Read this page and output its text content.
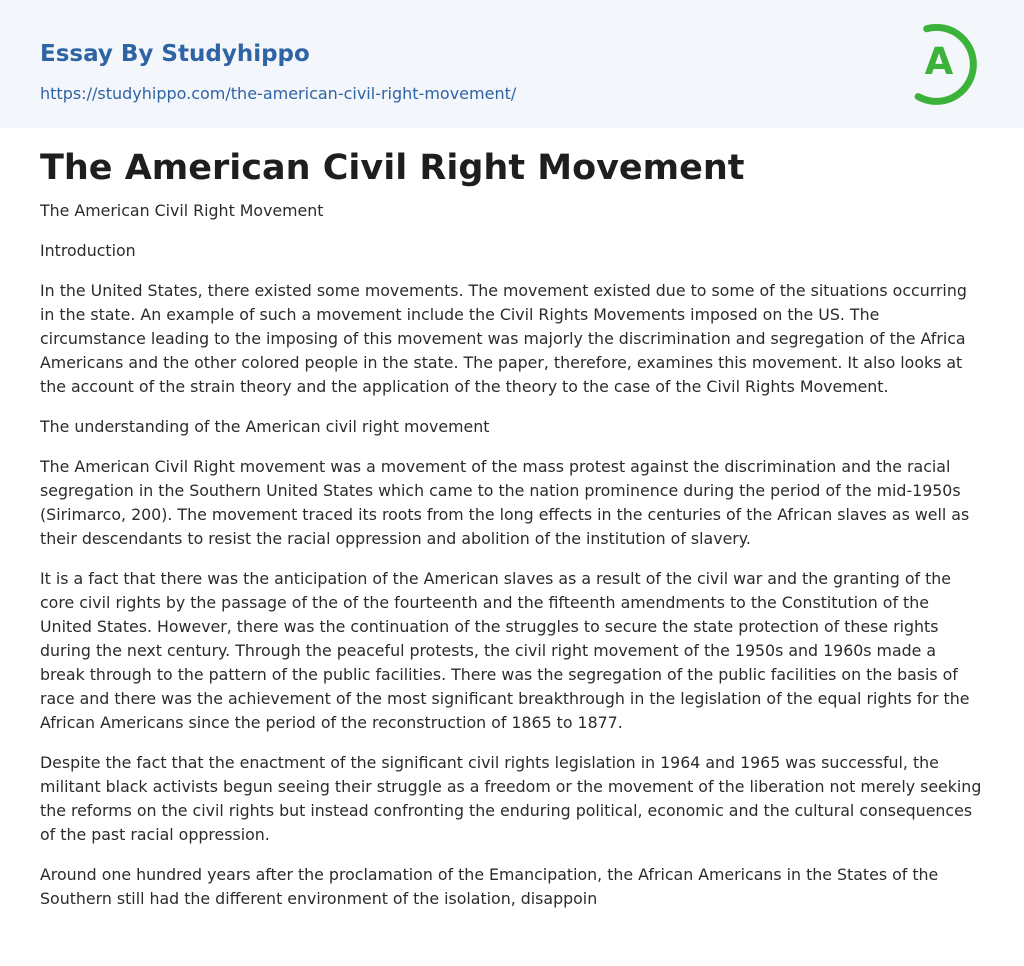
Essay By Studyhippo
https://studyhippo.com/the-american-civil-right-movement/
A
The American Civil Right Movement

The American Civil Right Movement

Introduction

In the United States, there existed some movements. The movement existed due to some of the situations occurring in the state. An example of such a movement include the Civil Rights Movements imposed on the US. The circumstance leading to the imposing of this movement was majorly the discrimination and segregation of the Africa Americans and the other colored people in the state. The paper, therefore, examines this movement. It also looks at the account of the strain theory and the application of the theory to the case of the Civil Rights Movement.

The understanding of the American civil right movement

The American Civil Right movement was a movement of the mass protest against the discrimination and the racial segregation in the Southern United States which came to the nation prominence during the period of the mid-1950s (Sirimarco, 200). The movement traced its roots from the long effects in the centuries of the African slaves as well as their descendants to resist the racial oppression and abolition of the institution of slavery.

It is a fact that there was the anticipation of the American slaves as a result of the civil war and the granting of the core civil rights by the passage of the of the fourteenth and the fifteenth amendments to the Constitution of the United States. However, there was the continuation of the struggles to secure the state protection of these rights during the next century. Through the peaceful protests, the civil right movement of the 1950s and 1960s made a break through to the pattern of the public facilities. There was the segregation of the public facilities on the basis of race and there was the achievement of the most significant breakthrough in the legislation of the equal rights for the African Americans since the period of the reconstruction of 1865 to 1877.

Despite the fact that the enactment of the significant civil rights legislation in 1964 and 1965 was successful, the militant black activists begun seeing their struggle as a freedom or the movement of the liberation not merely seeking the reforms on the civil rights but instead confronting the enduring political, economic and the cultural consequences of the past racial oppression.

Around one hundred years after the proclamation of the Emancipation, the African Americans in the States of the Southern still had the different environment of the isolation, disappoin
